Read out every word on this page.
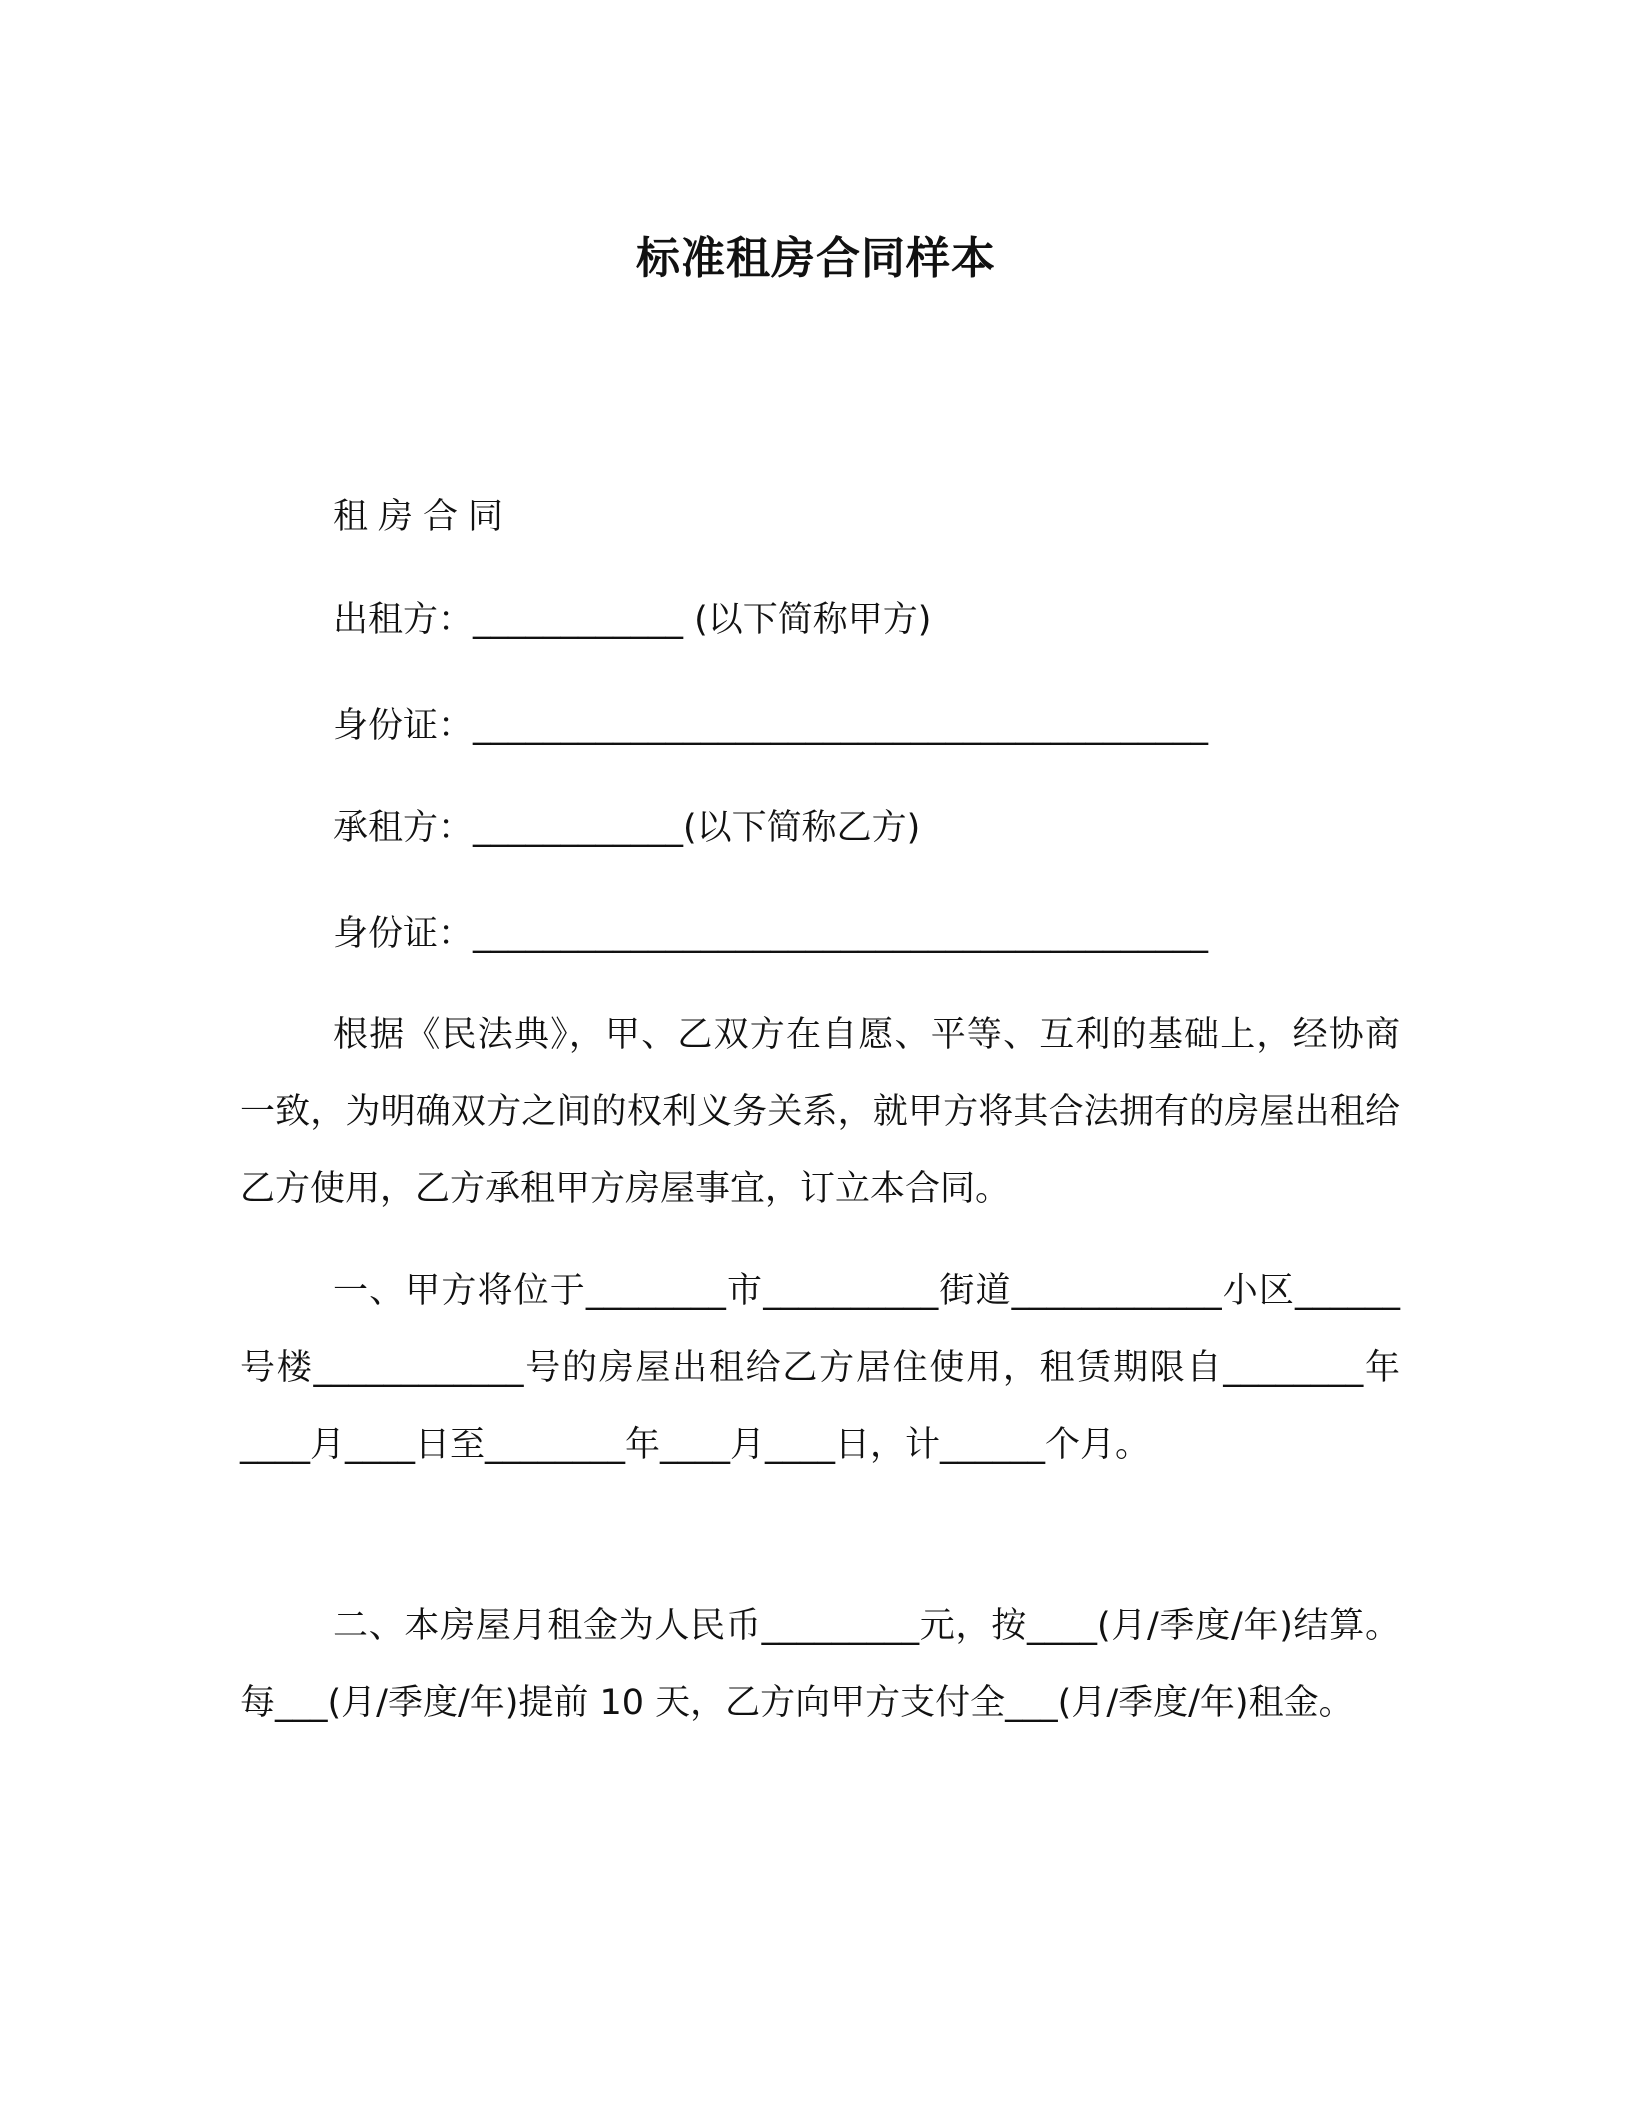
标准租房合同样本

租房合同

出租方：____________ (以下简称甲方)

身份证：__________________________________________

承租方：____________(以下简称乙方)

身份证：__________________________________________

根据《民法典》，甲、乙双方在自愿、平等、互利的基础上，经协商一致，为明确双方之间的权利义务关系，就甲方将其合法拥有的房屋出租给乙方使用，乙方承租甲方房屋事宜，订立本合同。

一、甲方将位于________市__________街道____________小区______号楼____________号的房屋出租给乙方居住使用，租赁期限自________年____月____日至________年____月____日，计______个月。

二、本房屋月租金为人民币_________元，按____(月/季度/年)结算。每___(月/季度/年)提前 10 天，乙方向甲方支付全___(月/季度/年)租金。
